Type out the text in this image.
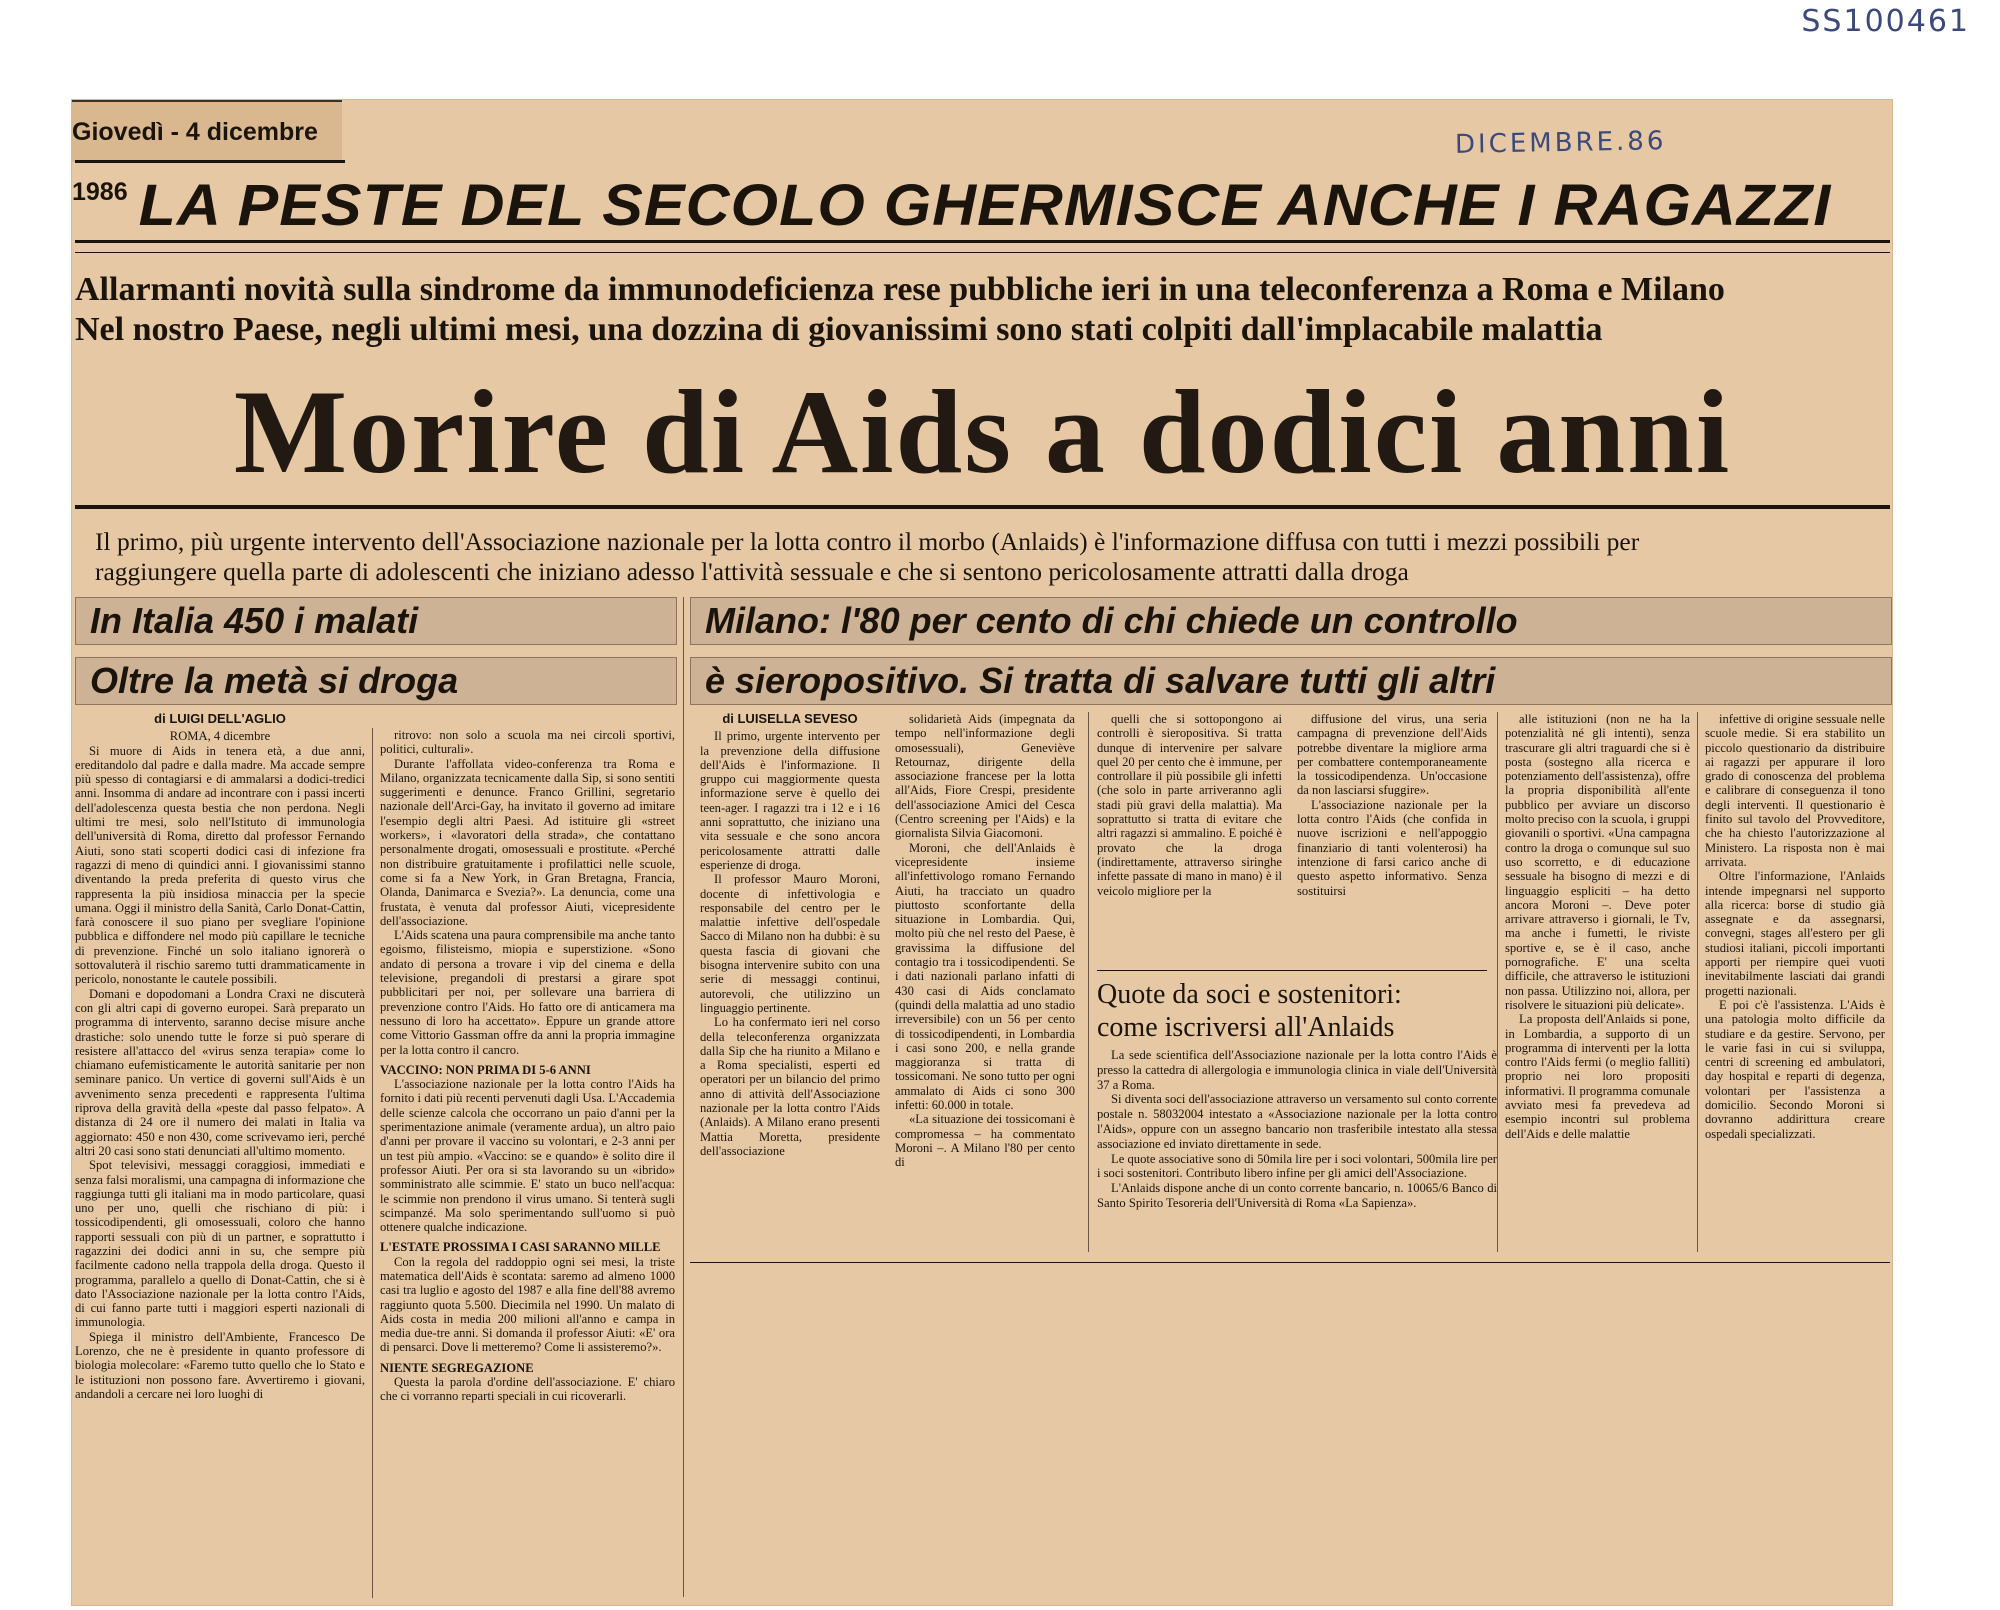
SS100461
DICEMBRE.86
Giovedì - 4 dicembre 1986 LA PESTE DEL SECOLO GHERMISCE ANCHE I RAGAZZI
Allarmanti novità sulla sindrome da immunodeficienza rese pubbliche ieri in una teleconferenza a Roma e Milano
Nel nostro Paese, negli ultimi mesi, una dozzina di giovanissimi sono stati colpiti dall'implacabile malattia
Morire di Aids a dodici anni
Il primo, più urgente intervento dell'Associazione nazionale per la lotta contro il morbo (Anlaids) è l'informazione diffusa con tutti i mezzi possibili per
raggiungere quella parte di adolescenti che iniziano adesso l'attività sessuale e che si sentono pericolosamente attratti dalla droga
In Italia 450 i malati
Oltre la metà si droga
Milano: l'80 per cento di chi chiede un controllo
è sieropositivo. Si tratta di salvare tutti gli altri
di LUIGI DELL'AGLIO
ROMA, 4 dicembre

Si muore di Aids in tenera età, a due anni, ereditandolo dal padre e dalla madre. Ma accade sempre più spesso di contagiarsi e di ammalarsi a dodici-tredici anni. Insomma di andare ad incontrare con i passi incerti dell'adolescenza questa bestia che non perdona. Negli ultimi tre mesi, solo nell'Istituto di immunologia dell'università di Roma, diretto dal professor Fernando Aiuti, sono stati scoperti dodici casi di infezione fra ragazzi di meno di quindici anni. I giovanissimi stanno diventando la preda preferita di questo virus che rappresenta la più insidiosa minaccia per la specie umana. Oggi il ministro della Sanità, Carlo Donat-Cattin, farà conoscere il suo piano per svegliare l'opinione pubblica e diffondere nel modo più capillare le tecniche di prevenzione. Finché un solo italiano ignorerà o sottovaluterà il rischio saremo tutti drammaticamente in pericolo, nonostante le cautele possibili.

Domani e dopodomani a Londra Craxi ne discuterà con gli altri capi di governo europei. Sarà preparato un programma di intervento, saranno decise misure anche drastiche: solo unendo tutte le forze si può sperare di resistere all'attacco del «virus senza terapia» come lo chiamano eufemisticamente le autorità sanitarie per non seminare panico. Un vertice di governi sull'Aids è un avvenimento senza precedenti e rappresenta l'ultima riprova della gravità della «peste dal passo felpato». A distanza di 24 ore il numero dei malati in Italia va aggiornato: 450 e non 430, come scrivevamo ieri, perché altri 20 casi sono stati denunciati all'ultimo momento.

Spot televisivi, messaggi coraggiosi, immediati e senza falsi moralismi, una campagna di informazione che raggiunga tutti gli italiani ma in modo particolare, quasi uno per uno, quelli che rischiano di più: i tossicodipendenti, gli omosessuali, coloro che hanno rapporti sessuali con più di un partner, e soprattutto i ragazzini dei dodici anni in su, che sempre più facilmente cadono nella trappola della droga. Questo il programma, parallelo a quello di Donat-Cattin, che si è dato l'Associazione nazionale per la lotta contro l'Aids, di cui fanno parte tutti i maggiori esperti nazionali di immunologia.

Spiega il ministro dell'Ambiente, Francesco De Lorenzo, che ne è presidente in quanto professore di biologia molecolare: «Faremo tutto quello che lo Stato e le istituzioni non possono fare. Avvertiremo i giovani, andandoli a cercare nei loro luoghi di

ritrovo: non solo a scuola ma nei circoli sportivi, politici, culturali».

Durante l'affollata video-conferenza tra Roma e Milano, organizzata tecnicamente dalla Sip, si sono sentiti suggerimenti e denunce. Franco Grillini, segretario nazionale dell'Arci-Gay, ha invitato il governo ad imitare l'esempio degli altri Paesi. Ad istituire gli «street workers», i «lavoratori della strada», che contattano personalmente drogati, omosessuali e prostitute. «Perché non distribuire gratuitamente i profilattici nelle scuole, come si fa a New York, in Gran Bretagna, Francia, Olanda, Danimarca e Svezia?». La denuncia, come una frustata, è venuta dal professor Aiuti, vicepresidente dell'associazione.

L'Aids scatena una paura comprensibile ma anche tanto egoismo, filisteismo, miopia e superstizione. «Sono andato di persona a trovare i vip del cinema e della televisione, pregandoli di prestarsi a girare spot pubblicitari per noi, per sollevare una barriera di prevenzione contro l'Aids. Ho fatto ore di anticamera ma nessuno di loro ha accettato». Eppure un grande attore come Vittorio Gassman offre da anni la propria immagine per la lotta contro il cancro.

VACCINO: NON PRIMA DI 5-6 ANNI

L'associazione nazionale per la lotta contro l'Aids ha fornito i dati più recenti pervenuti dagli Usa. L'Accademia delle scienze calcola che occorrano un paio d'anni per la sperimentazione animale (veramente ardua), un altro paio d'anni per provare il vaccino su volontari, e 2-3 anni per un test più ampio. «Vaccino: se e quando» è solito dire il professor Aiuti. Per ora si sta lavorando su un «ibrido» somministrato alle scimmie. E' stato un buco nell'acqua: le scimmie non prendono il virus umano. Si tenterà sugli scimpanzé. Ma solo sperimentando sull'uomo si può ottenere qualche indicazione.

L'ESTATE PROSSIMA I CASI SARANNO MILLE

Con la regola del raddoppio ogni sei mesi, la triste matematica dell'Aids è scontata: saremo ad almeno 1000 casi tra luglio e agosto del 1987 e alla fine dell'88 avremo raggiunto quota 5.500. Diecimila nel 1990. Un malato di Aids costa in media 200 milioni all'anno e campa in media due-tre anni. Si domanda il professor Aiuti: «E' ora di pensarci. Dove li metteremo? Come li assisteremo?».

NIENTE SEGREGAZIONE

Questa la parola d'ordine dell'associazione. E' chiaro che ci vorranno reparti speciali in cui ricoverarli.

di LUISELLA SEVESO

Il primo, urgente intervento per la prevenzione della diffusione dell'Aids è l'informazione. Il gruppo cui maggiormente questa informazione serve è quello dei teen-ager. I ragazzi tra i 12 e i 16 anni soprattutto, che iniziano una vita sessuale e che sono ancora pericolosamente attratti dalle esperienze di droga.

Il professor Mauro Moroni, docente di infettivologia e responsabile del centro per le malattie infettive dell'ospedale Sacco di Milano non ha dubbi: è su questa fascia di giovani che bisogna intervenire subito con una serie di messaggi continui, autorevoli, che utilizzino un linguaggio pertinente.

Lo ha confermato ieri nel corso della teleconferenza organizzata dalla Sip che ha riunito a Milano e a Roma specialisti, esperti ed operatori per un bilancio del primo anno di attività dell'Associazione nazionale per la lotta contro l'Aids (Anlaids). A Milano erano presenti Mattia Moretta, presidente dell'associazione

solidarietà Aids (impegnata da tempo nell'informazione degli omosessuali), Geneviève Retournaz, dirigente della associazione francese per la lotta all'Aids, Fiore Crespi, presidente dell'associazione Amici del Cesca (Centro screening per l'Aids) e la giornalista Silvia Giacomoni.

Moroni, che dell'Anlaids è vicepresidente insieme all'infettivologo romano Fernando Aiuti, ha tracciato un quadro piuttosto sconfortante della situazione in Lombardia. Qui, molto più che nel resto del Paese, è gravissima la diffusione del contagio tra i tossicodipendenti. Se i dati nazionali parlano infatti di 430 casi di Aids conclamato (quindi della malattia ad uno stadio irreversibile) con un 56 per cento di tossicodipendenti, in Lombardia i casi sono 200, e nella grande maggioranza si tratta di tossicomani. Ne sono tutto per ogni ammalato di Aids ci sono 300 infetti: 60.000 in totale.

«La situazione dei tossicomani è compromessa – ha commentato Moroni –. A Milano l'80 per cento di

quelli che si sottopongono ai controlli è sieropositiva. Si tratta dunque di intervenire per salvare quel 20 per cento che è immune, per controllare il più possibile gli infetti (che solo in parte arriveranno agli stadi più gravi della malattia). Ma soprattutto si tratta di evitare che altri ragazzi si ammalino. E poiché è provato che la droga (indirettamente, attraverso siringhe infette passate di mano in mano) è il veicolo migliore per la

diffusione del virus, una seria campagna di prevenzione dell'Aids potrebbe diventare la migliore arma per combattere contemporaneamente la tossicodipendenza. Un'occasione da non lasciarsi sfuggire».

L'associazione nazionale per la lotta contro l'Aids (che confida in nuove iscrizioni e nell'appoggio finanziario di tanti volenterosi) ha intenzione di farsi carico anche di questo aspetto informativo. Senza sostituirsi

alle istituzioni (non ne ha la potenzialità né gli intenti), senza trascurare gli altri traguardi che si è posta (sostegno alla ricerca e potenziamento dell'assistenza), offre la propria disponibilità all'ente pubblico per avviare un discorso molto preciso con la scuola, i gruppi giovanili o sportivi. «Una campagna contro la droga o comunque sul suo uso scorretto, e di educazione sessuale ha bisogno di mezzi e di linguaggio espliciti – ha detto ancora Moroni –. Deve poter arrivare attraverso i giornali, le Tv, ma anche i fumetti, le riviste sportive e, se è il caso, anche pornografiche. E' una scelta difficile, che attraverso le istituzioni non passa. Utilizzino noi, allora, per risolvere le situazioni più delicate».

La proposta dell'Anlaids si pone, in Lombardia, a supporto di un programma di interventi per la lotta contro l'Aids fermi (o meglio falliti) proprio nei loro propositi informativi. Il programma comunale avviato mesi fa prevedeva ad esempio incontri sul problema dell'Aids e delle malattie

infettive di origine sessuale nelle scuole medie. Si era stabilito un piccolo questionario da distribuire ai ragazzi per appurare il loro grado di conoscenza del problema e calibrare di conseguenza il tono degli interventi. Il questionario è finito sul tavolo del Provveditore, che ha chiesto l'autorizzazione al Ministero. La risposta non è mai arrivata.

Oltre l'informazione, l'Anlaids intende impegnarsi nel supporto alla ricerca: borse di studio già assegnate e da assegnarsi, convegni, stages all'estero per gli studiosi italiani, piccoli importanti apporti per riempire quei vuoti inevitabilmente lasciati dai grandi progetti nazionali.

E poi c'è l'assistenza. L'Aids è una patologia molto difficile da studiare e da gestire. Servono, per le varie fasi in cui si sviluppa, centri di screening ed ambulatori, day hospital e reparti di degenza, volontari per l'assistenza a domicilio. Secondo Moroni si dovranno addirittura creare ospedali specializzati.

Quote da soci e sostenitori:
come iscriversi all'Anlaids

La sede scientifica dell'Associazione nazionale per la lotta contro l'Aids è presso la cattedra di allergologia e immunologia clinica in viale dell'Università 37 a Roma.

Si diventa soci dell'associazione attraverso un versamento sul conto corrente postale n. 58032004 intestato a «Associazione nazionale per la lotta contro l'Aids», oppure con un assegno bancario non trasferibile intestato alla stessa associazione ed inviato direttamente in sede.

Le quote associative sono di 50mila lire per i soci volontari, 500mila lire per i soci sostenitori. Contributo libero infine per gli amici dell'Associazione.

L'Anlaids dispone anche di un conto corrente bancario, n. 10065/6 Banco di Santo Spirito Tesoreria dell'Università di Roma «La Sapienza».
